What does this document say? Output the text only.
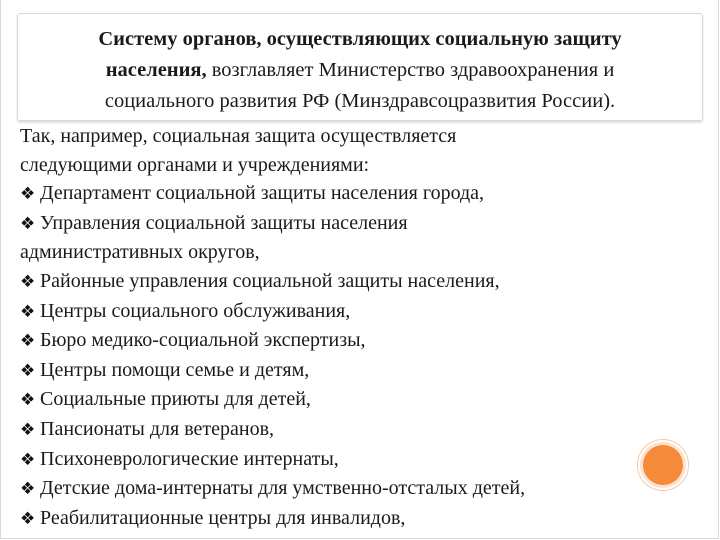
Систему органов, осуществляющих социальную защиту
населения, возглавляет Министерство здравоохранения и
социального развития РФ (Минздравсоцразвития России).
Так, например, социальная защита осуществляется
следующими органами и учреждениями:
❖ Департамент социальной защиты населения города,
❖ Управления социальной защиты населения
административных округов,
❖ Районные управления социальной защиты населения,
❖ Центры социального обслуживания,
❖ Бюро медико-социальной экспертизы,
❖ Центры помощи семье и детям,
❖ Социальные приюты для детей,
❖ Пансионаты для ветеранов,
❖ Психоневрологические интернаты,
❖ Детские дома-интернаты для умственно-отсталых детей,
❖ Реабилитационные центры для инвалидов,
